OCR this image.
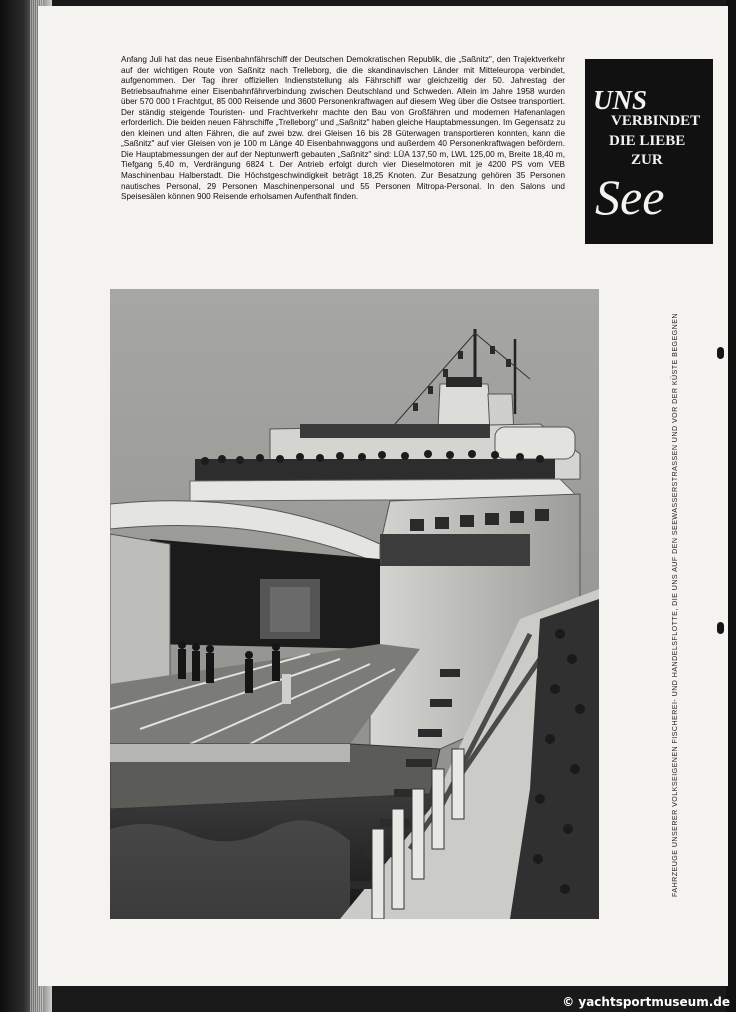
Anfang Juli hat das neue Eisenbahnfährschiff der Deutschen Demokratischen Republik, die „Saßnitz", den Trajektverkehr auf der wichtigen Route von Saßnitz nach Trelleborg, die die skandinavischen Länder mit Mitteleuropa verbindet, aufgenommen. Der Tag ihrer offiziellen Indienststellung als Fährschiff war gleichzeitig der 50. Jahrestag der Betriebsaufnahme einer Eisenbahnfährverbindung zwischen Deutschland und Schweden. Allein im Jahre 1958 wurden über 570 000 t Frachtgut, 85 000 Reisende und 3600 Personenkraftwagen auf diesem Weg über die Ostsee transportiert. Der ständig steigende Touristen- und Frachtverkehr machte den Bau von Großfähren und modernen Hafenanlagen erforderlich. Die beiden neuen Fährschiffe „Trelleborg" und „Saßnitz" haben gleiche Hauptabmessungen. Im Gegensatz zu den kleinen und alten Fähren, die auf zwei bzw. drei Gleisen 16 bis 28 Güterwagen transportieren konnten, kann die „Saßnitz" auf vier Gleisen von je 100 m Länge 40 Eisenbahnwaggons und außerdem 40 Personenkraftwagen befördern. Die Hauptabmessungen der auf der Neptunwerft gebauten „Saßnitz" sind: LÜA 137,50 m, LWL 125,00 m, Breite 18,40 m, Tiefgang 5,40 m, Verdrängung 6824 t. Der Antrieb erfolgt durch vier Dieselmotoren mit je 4200 PS vom VEB Maschinenbau Halberstadt. Die Höchstgeschwindigkeit beträgt 18,25 Knoten. Zur Besatzung gehören 35 Personen nautisches Personal, 29 Personen Maschinenpersonal und 55 Personen Mitropa-Personal. In den Salons und Speisesälen können 900 Reisende erholsamen Aufenthalt finden.

UNS
VERBINDET
DIE LIEBE
ZUR
See
FAHRZEUGE UNSERER VOLKSEIGENEN FISCHEREI- UND HANDELSFLOTTE, DIE UNS AUF DEN SEEWASSERSTRASSEN UND VOR DER KÜSTE BEGEGNEN
© yachtsportmuseum.de
